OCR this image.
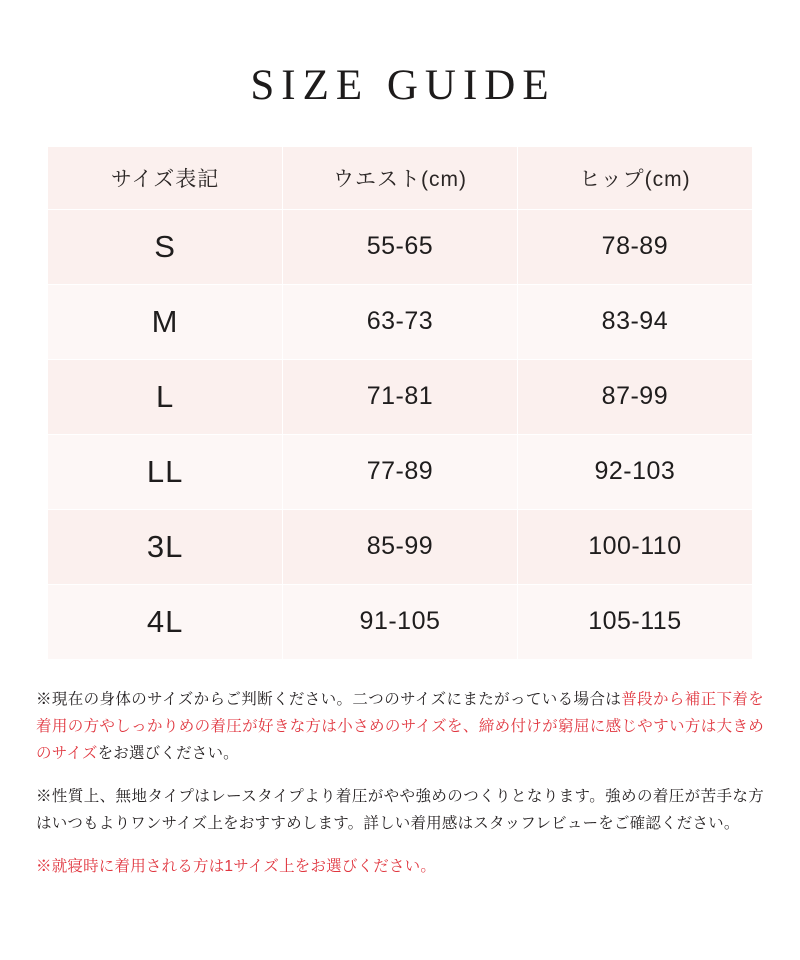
SIZE GUIDE
サイズ表記	ウエスト(cm)	ヒップ(cm)
S	55-65	78-89
M	63-73	83-94
L	71-81	87-99
LL	77-89	92-103
3L	85-99	100-110
4L	91-105	105-115

※現在の身体のサイズからご判断ください。二つのサイズにまたがっている場合は普段から補正下着を着用の方やしっかりめの着圧が好きな方は小さめのサイズを、締め付けが窮屈に感じやすい方は大きめのサイズをお選びください。

※性質上、無地タイプはレースタイプより着圧がやや強めのつくりとなります。強めの着圧が苦手な方はいつもよりワンサイズ上をおすすめします。詳しい着用感はスタッフレビューをご確認ください。

※就寝時に着用される方は1サイズ上をお選びください。
